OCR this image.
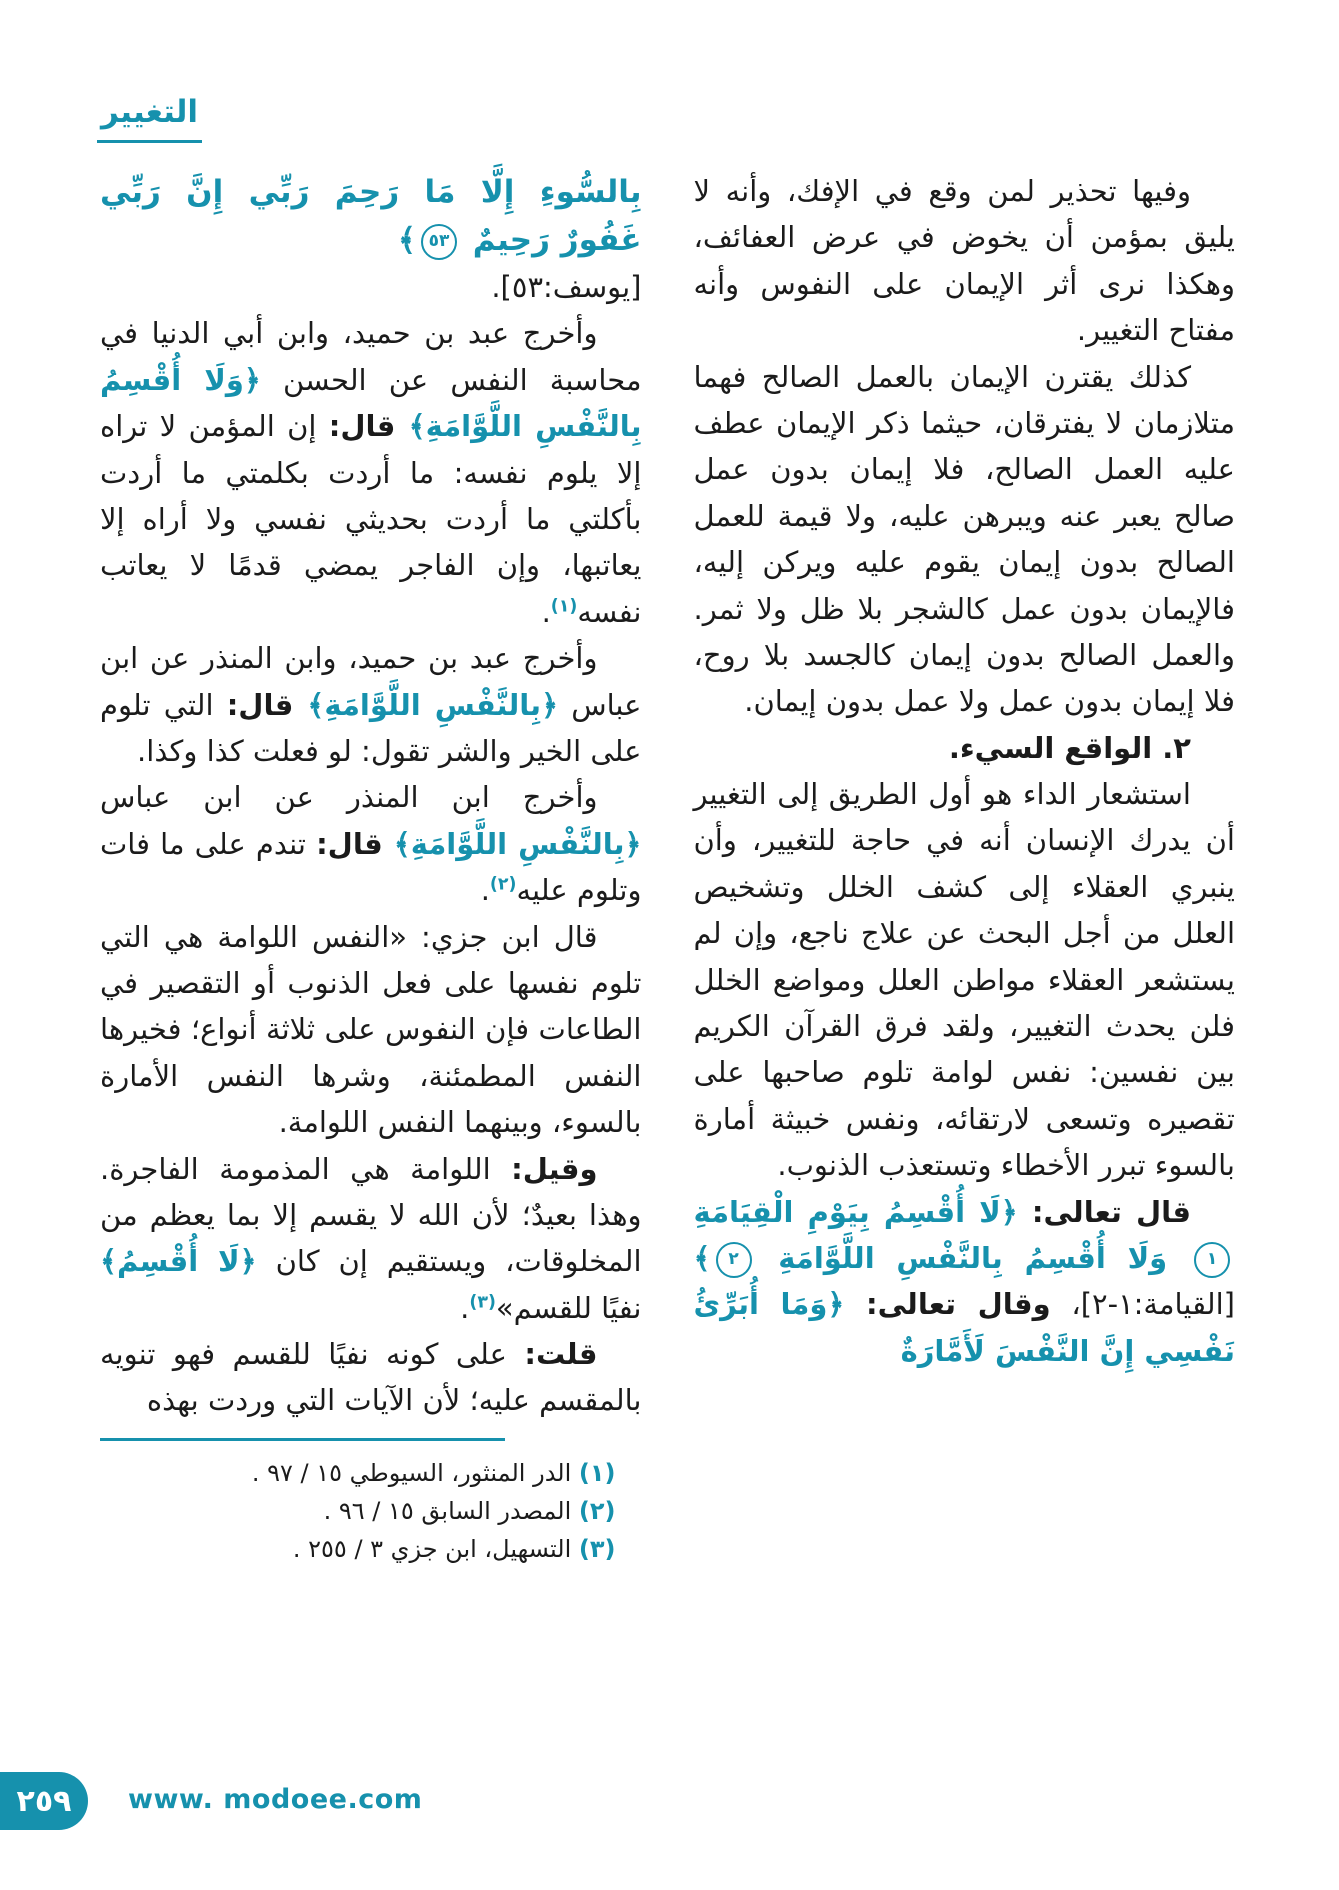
التغيير

وفيها تحذير لمن وقع في الإفك، وأنه لا يليق بمؤمن أن يخوض في عرض العفائف، وهكذا نرى أثر الإيمان على النفوس وأنه مفتاح التغيير.

كذلك يقترن الإيمان بالعمل الصالح فهما متلازمان لا يفترقان، حيثما ذكر الإيمان عطف عليه العمل الصالح، فلا إيمان بدون عمل صالح يعبر عنه ويبرهن عليه، ولا قيمة للعمل الصالح بدون إيمان يقوم عليه ويركن إليه، فالإيمان بدون عمل كالشجر بلا ظل ولا ثمر. والعمل الصالح بدون إيمان كالجسد بلا روح، فلا إيمان بدون عمل ولا عمل بدون إيمان.

٢. الواقع السيء.

استشعار الداء هو أول الطريق إلى التغيير أن يدرك الإنسان أنه في حاجة للتغيير، وأن ينبري العقلاء إلى كشف الخلل وتشخيص العلل من أجل البحث عن علاج ناجع، وإن لم يستشعر العقلاء مواطن العلل ومواضع الخلل فلن يحدث التغيير، ولقد فرق القرآن الكريم بين نفسين: نفس لوامة تلوم صاحبها على تقصيره وتسعى لارتقائه، ونفس خبيثة أمارة بالسوء تبرر الأخطاء وتستعذب الذنوب.

قال تعالى: ﴿لَا أُقْسِمُ بِيَوْمِ الْقِيَامَةِ ١ وَلَا أُقْسِمُ بِالنَّفْسِ اللَّوَّامَةِ ٢﴾ [القيامة:١-٢]، وقال تعالى: ﴿وَمَا أُبَرِّئُ نَفْسِي إِنَّ النَّفْسَ لَأَمَّارَةٌ

بِالسُّوءِ إِلَّا مَا رَحِمَ رَبِّي إِنَّ رَبِّي غَفُورٌ رَحِيمٌ ٥٣﴾

[يوسف:٥٣].

وأخرج عبد بن حميد، وابن أبي الدنيا في محاسبة النفس عن الحسن ﴿وَلَا أُقْسِمُ بِالنَّفْسِ اللَّوَّامَةِ﴾ قال: إن المؤمن لا تراه إلا يلوم نفسه: ما أردت بكلمتي ما أردت بأكلتي ما أردت بحديثي نفسي ولا أراه إلا يعاتبها، وإن الفاجر يمضي قدمًا لا يعاتب نفسه$^{(١)}$.

وأخرج عبد بن حميد، وابن المنذر عن ابن عباس ﴿بِالنَّفْسِ اللَّوَّامَةِ﴾ قال: التي تلوم على الخير والشر تقول: لو فعلت كذا وكذا.

وأخرج ابن المنذر عن ابن عباس ﴿بِالنَّفْسِ اللَّوَّامَةِ﴾ قال: تندم على ما فات وتلوم عليه$^{(٢)}$.

قال ابن جزي: «النفس اللوامة هي التي تلوم نفسها على فعل الذنوب أو التقصير في الطاعات فإن النفوس على ثلاثة أنواع؛ فخيرها النفس المطمئنة، وشرها النفس الأمارة بالسوء، وبينهما النفس اللوامة.

وقيل: اللوامة هي المذمومة الفاجرة. وهذا بعيدٌ؛ لأن الله لا يقسم إلا بما يعظم من المخلوقات، ويستقيم إن كان ﴿لَا أُقْسِمُ﴾ نفيًا للقسم»$^{(٣)}$.

قلت: على كونه نفيًا للقسم فهو تنويه بالمقسم عليه؛ لأن الآيات التي وردت بهذه

(١) الدر المنثور، السيوطي ١٥ / ٩٧ .
(٢) المصدر السابق ١٥ / ٩٦ .
(٣) التسهيل، ابن جزي ٣ / ٢٥٥ .
٢٥٩	www. modoee.com
